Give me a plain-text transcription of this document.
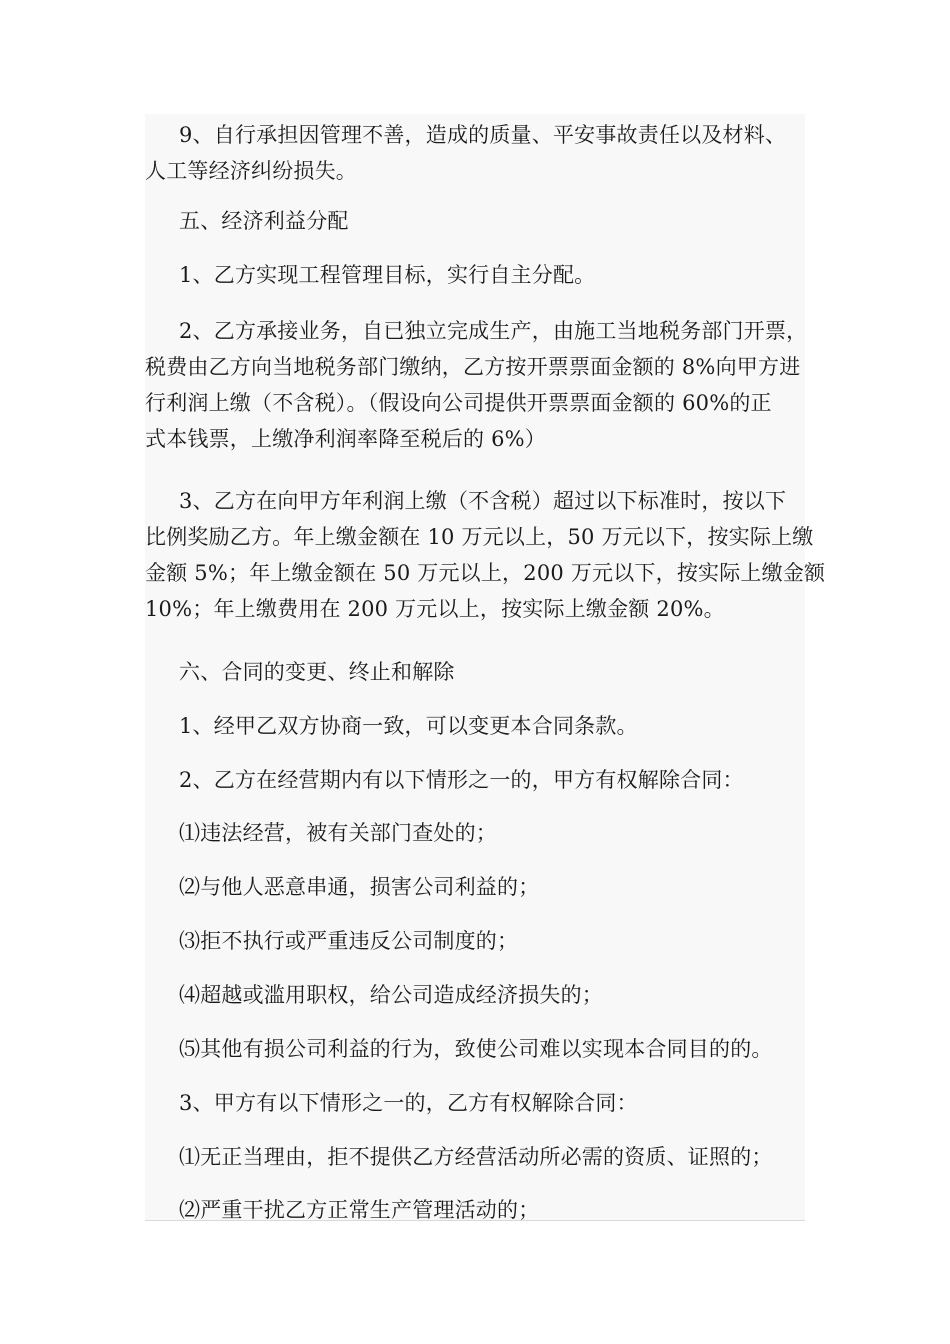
9、自行承担因管理不善，造成的质量、平安事故责任以及材料、
人工等经济纠纷损失。

五、经济利益分配

1、乙方实现工程管理目标，实行自主分配。

2、乙方承接业务，自已独立完成生产，由施工当地税务部门开票，
税费由乙方向当地税务部门缴纳，乙方按开票票面金额的 8%向甲方进
行利润上缴（不含税）。（假设向公司提供开票票面金额的 60%的正
式本钱票，上缴净利润率降至税后的 6%）

3、乙方在向甲方年利润上缴（不含税）超过以下标准时，按以下
比例奖励乙方。年上缴金额在 10 万元以上，50 万元以下，按实际上缴
金额 5%；年上缴金额在 50 万元以上，200 万元以下，按实际上缴金额
10%；年上缴费用在 200 万元以上，按实际上缴金额 20%。

六、合同的变更、终止和解除

1、经甲乙双方协商一致，可以变更本合同条款。

2、乙方在经营期内有以下情形之一的，甲方有权解除合同：

⑴违法经营，被有关部门查处的；

⑵与他人恶意串通，损害公司利益的；

⑶拒不执行或严重违反公司制度的；

⑷超越或滥用职权，给公司造成经济损失的；

⑸其他有损公司利益的行为，致使公司难以实现本合同目的的。

3、甲方有以下情形之一的，乙方有权解除合同：

⑴无正当理由，拒不提供乙方经营活动所必需的资质、证照的；

⑵严重干扰乙方正常生产管理活动的；
